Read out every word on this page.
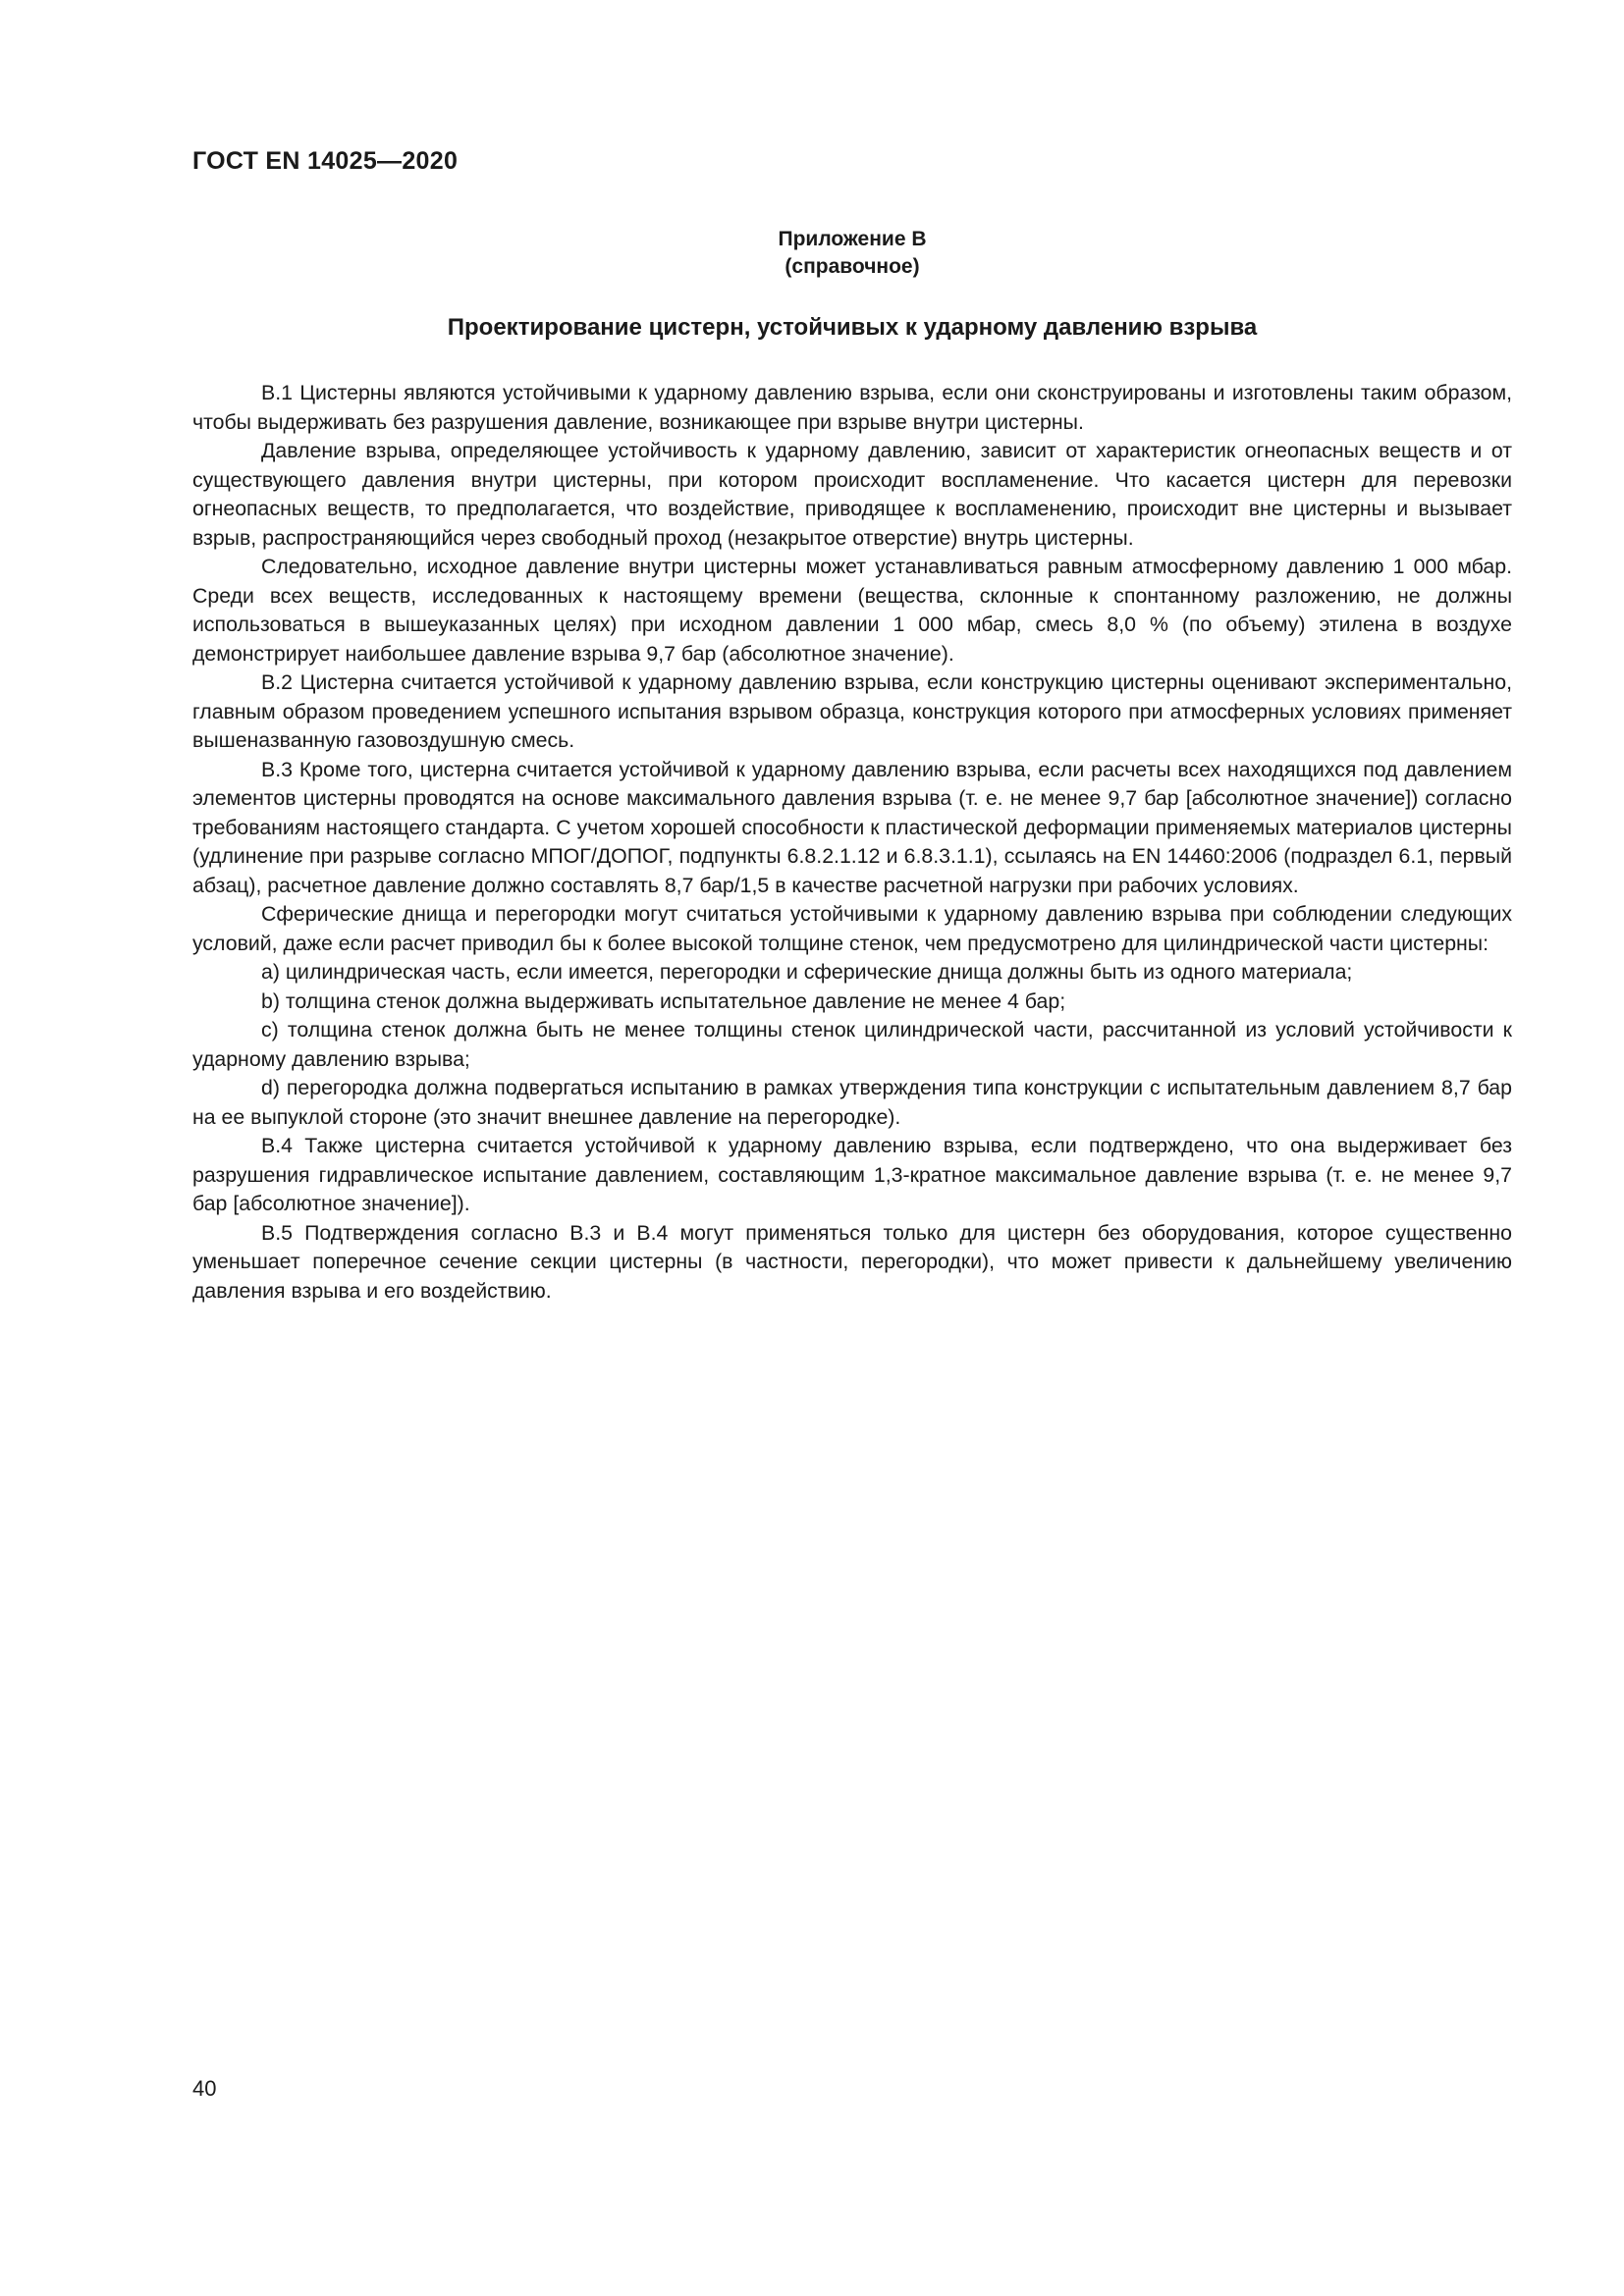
ГОСТ EN 14025—2020
Приложение В
(справочное)
Проектирование цистерн, устойчивых к ударному давлению взрыва

В.1 Цистерны являются устойчивыми к ударному давлению взрыва, если они сконструированы и изготовлены таким образом, чтобы выдерживать без разрушения давление, возникающее при взрыве внутри цистерны.

Давление взрыва, определяющее устойчивость к ударному давлению, зависит от характеристик огнеопасных веществ и от существующего давления внутри цистерны, при котором происходит воспламенение. Что касается цистерн для перевозки огнеопасных веществ, то предполагается, что воздействие, приводящее к воспламенению, происходит вне цистерны и вызывает взрыв, распространяющийся через свободный проход (незакрытое отверстие) внутрь цистерны.

Следовательно, исходное давление внутри цистерны может устанавливаться равным атмосферному давлению 1 000 мбар. Среди всех веществ, исследованных к настоящему времени (вещества, склонные к спонтанному разложению, не должны использоваться в вышеуказанных целях) при исходном давлении 1 000 мбар, смесь 8,0 % (по объему) этилена в воздухе демонстрирует наибольшее давление взрыва 9,7 бар (абсолютное значение).

В.2 Цистерна считается устойчивой к ударному давлению взрыва, если конструкцию цистерны оценивают экспериментально, главным образом проведением успешного испытания взрывом образца, конструкция которого при атмосферных условиях применяет вышеназванную газовоздушную смесь.

В.3 Кроме того, цистерна считается устойчивой к ударному давлению взрыва, если расчеты всех находящихся под давлением элементов цистерны проводятся на основе максимального давления взрыва (т. е. не менее 9,7 бар [абсолютное значение]) согласно требованиям настоящего стандарта. С учетом хорошей способности к пластической деформации применяемых материалов цистерны (удлинение при разрыве согласно МПОГ/ДОПОГ, подпункты 6.8.2.1.12 и 6.8.3.1.1), ссылаясь на EN 14460:2006 (подраздел 6.1, первый абзац), расчетное давление должно составлять 8,7 бар/1,5 в качестве расчетной нагрузки при рабочих условиях.

Сферические днища и перегородки могут считаться устойчивыми к ударному давлению взрыва при соблюдении следующих условий, даже если расчет приводил бы к более высокой толщине стенок, чем предусмотрено для цилиндрической части цистерны:

а) цилиндрическая часть, если имеется, перегородки и сферические днища должны быть из одного материала;

b) толщина стенок должна выдерживать испытательное давление не менее 4 бар;

c) толщина стенок должна быть не менее толщины стенок цилиндрической части, рассчитанной из условий устойчивости к ударному давлению взрыва;

d) перегородка должна подвергаться испытанию в рамках утверждения типа конструкции с испытательным давлением 8,7 бар на ее выпуклой стороне (это значит внешнее давление на перегородке).

В.4 Также цистерна считается устойчивой к ударному давлению взрыва, если подтверждено, что она выдерживает без разрушения гидравлическое испытание давлением, составляющим 1,3-кратное максимальное давление взрыва (т. е. не менее 9,7 бар [абсолютное значение]).

В.5 Подтверждения согласно В.3 и В.4 могут применяться только для цистерн без оборудования, которое существенно уменьшает поперечное сечение секции цистерны (в частности, перегородки), что может привести к дальнейшему увеличению давления взрыва и его воздействию.

40
